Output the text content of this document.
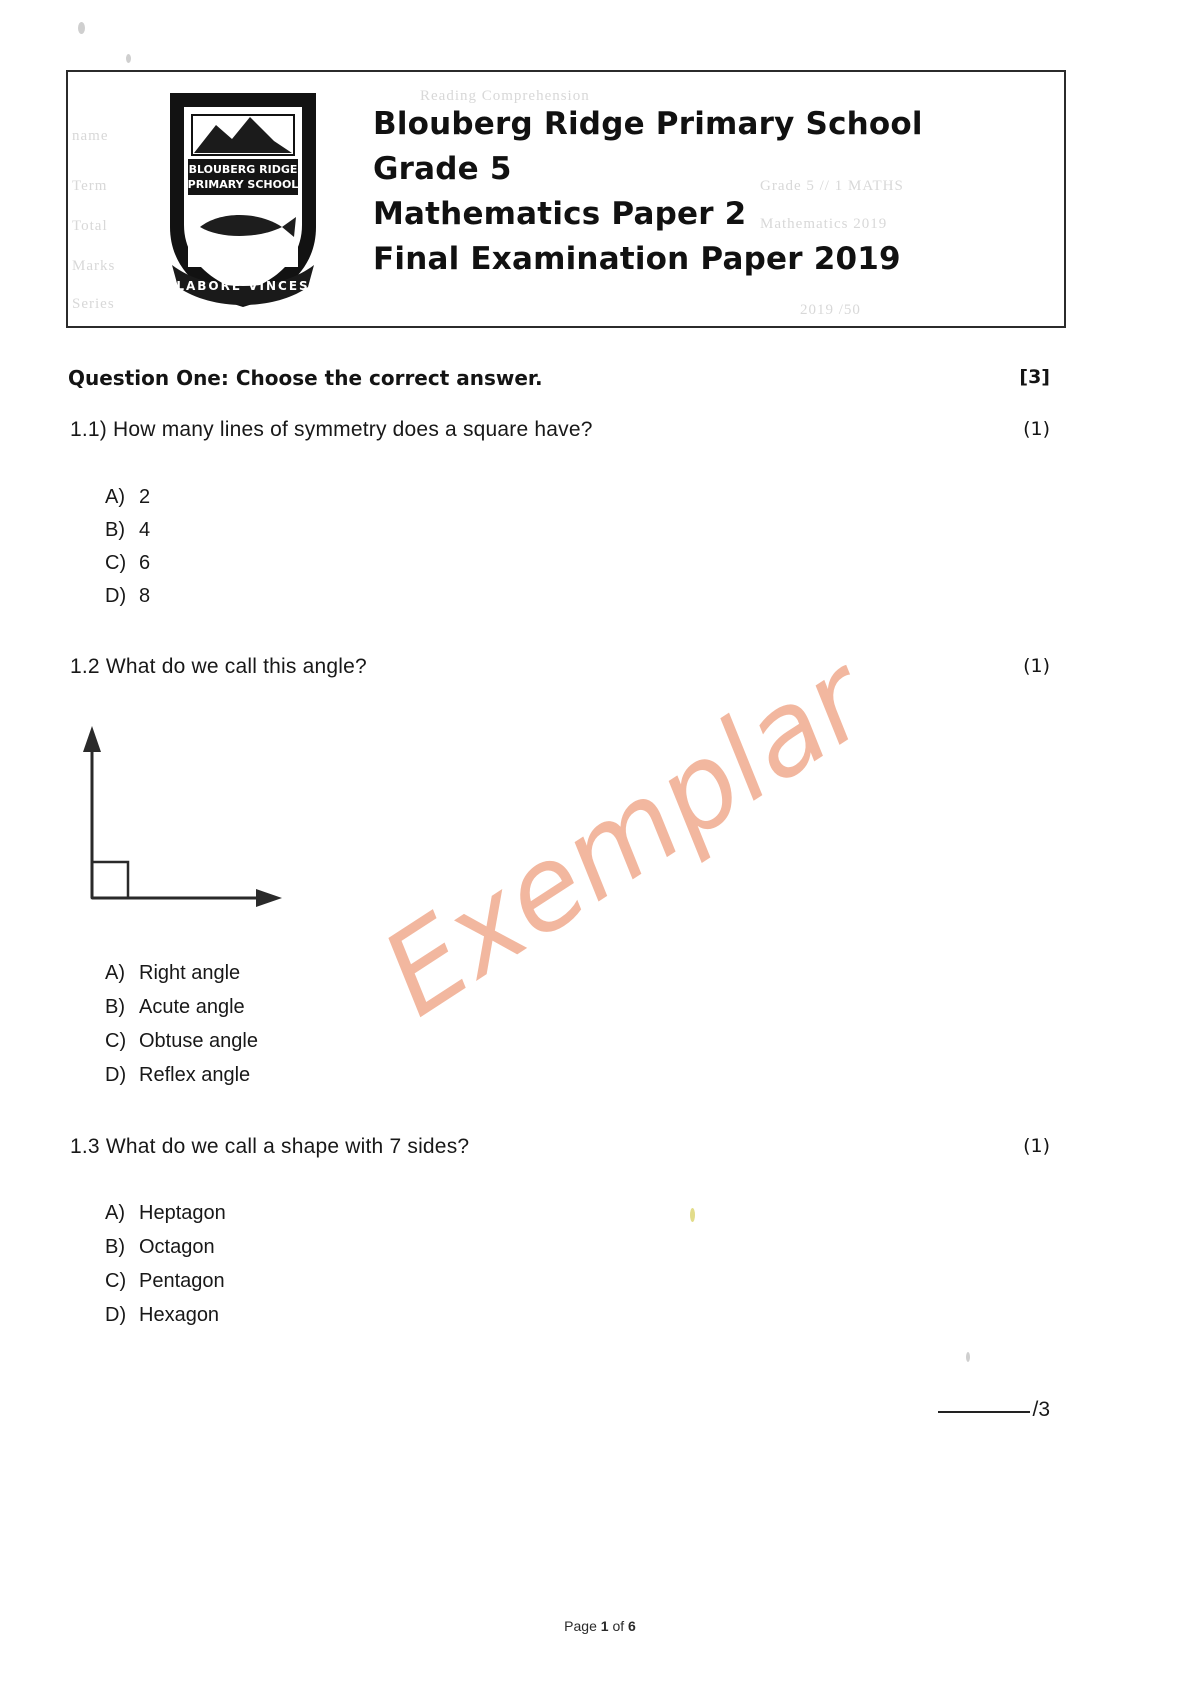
Reading Comprehension
name
Term
Total
Marks
Series
Grade 5 // 1 MATHS
Mathematics 2019
2019 /50
BLOUBERG RIDGE
PRIMARY SCHOOL
LABORE VINCES
Blouberg Ridge Primary School
Grade 5
Mathematics Paper 2
Final Examination Paper 2019
Question One: Choose the correct answer.	[3]
1.1) How many lines of symmetry does a square have?	(1)
A) 2
B) 4
C) 6
D) 8
1.2 What do we call this angle?	(1)
Exemplar
A) Right angle
B) Acute angle
C) Obtuse angle
D) Reflex angle
1.3 What do we call a shape with 7 sides?	(1)
A) Heptagon
B) Octagon
C) Pentagon
D) Hexagon
/3
Page 1 of 6
